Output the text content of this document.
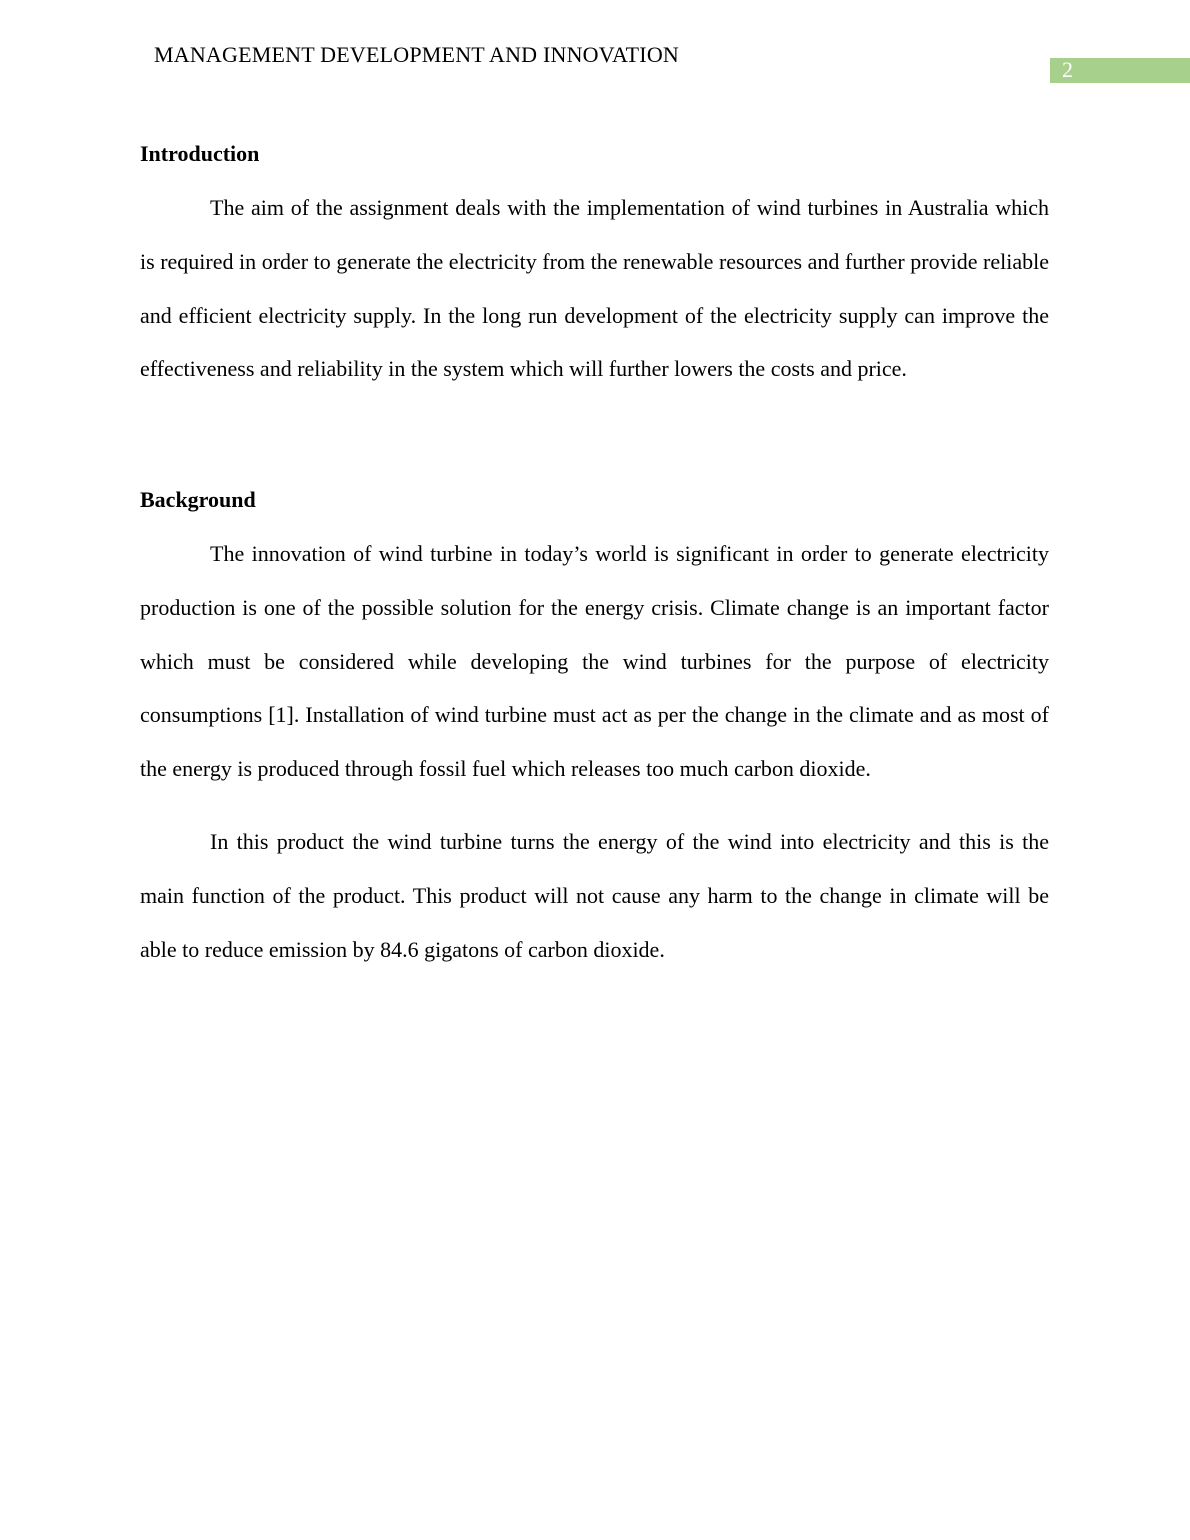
MANAGEMENT DEVELOPMENT AND INNOVATION
2
Introduction

The aim of the assignment deals with the implementation of wind turbines in Australia which is required in order to generate the electricity from the renewable resources and further provide reliable and efficient electricity supply. In the long run development of the electricity supply can improve the effectiveness and reliability in the system which will further lowers the costs and price.

Background

The innovation of wind turbine in today’s world is significant in order to generate electricity production is one of the possible solution for the energy crisis. Climate change is an important factor which must be considered while developing the wind turbines for the purpose of electricity consumptions [1]. Installation of wind turbine must act as per the change in the climate and as most of the energy is produced through fossil fuel which releases too much carbon dioxide.

In this product the wind turbine turns the energy of the wind into electricity and this is the main function of the product. This product will not cause any harm to the change in climate will be able to reduce emission by 84.6 gigatons of carbon dioxide.
